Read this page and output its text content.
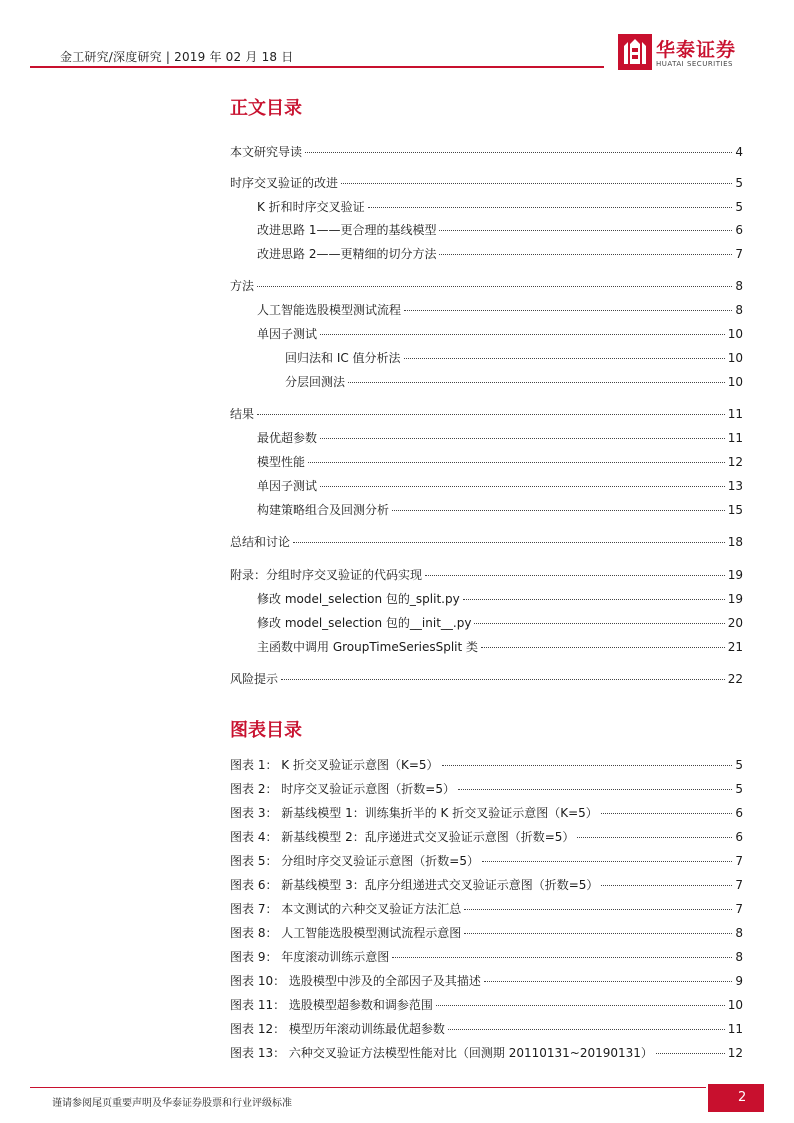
金工研究/深度研究 | 2019 年 02 月 18 日	华泰证券
HUATAI SECURITIES
正文目录
本文研究导读	4
时序交叉验证的改进	5
K 折和时序交叉验证	5
改进思路 1——更合理的基线模型	6
改进思路 2——更精细的切分方法	7
方法	8
人工智能选股模型测试流程	8
单因子测试	10
回归法和 IC 值分析法	10
分层回测法	10
结果	11
最优超参数	11
模型性能	12
单因子测试	13
构建策略组合及回测分析	15
总结和讨论	18
附录：分组时序交叉验证的代码实现	19
修改 model_selection 包的_split.py	19
修改 model_selection 包的__init__.py	20
主函数中调用 GroupTimeSeriesSplit 类	21
风险提示	22
图表目录
图表 1： K 折交叉验证示意图（K=5）	5
图表 2： 时序交叉验证示意图（折数=5）	5
图表 3： 新基线模型 1：训练集折半的 K 折交叉验证示意图（K=5）	6
图表 4： 新基线模型 2：乱序递进式交叉验证示意图（折数=5）	6
图表 5： 分组时序交叉验证示意图（折数=5）	7
图表 6： 新基线模型 3：乱序分组递进式交叉验证示意图（折数=5）	7
图表 7： 本文测试的六种交叉验证方法汇总	7
图表 8： 人工智能选股模型测试流程示意图	8
图表 9： 年度滚动训练示意图	8
图表 10： 选股模型中涉及的全部因子及其描述	9
图表 11： 选股模型超参数和调参范围	10
图表 12： 模型历年滚动训练最优超参数	11
图表 13： 六种交叉验证方法模型性能对比（回测期 20110131~20190131）	12
谨请参阅尾页重要声明及华泰证券股票和行业评级标准	2
